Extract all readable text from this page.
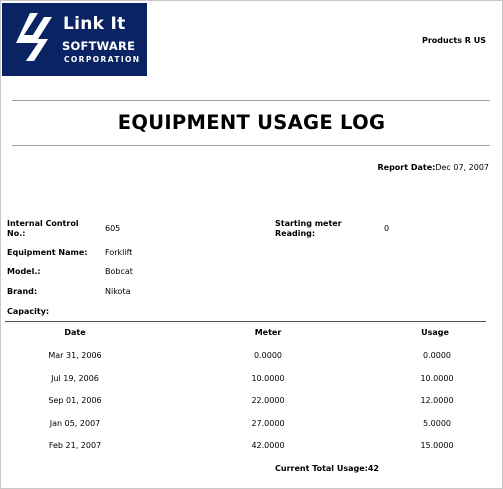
Link It
SOFTWARE
CORPORATION
Products R US
EQUIPMENT USAGE LOG
Report Date:Dec 07, 2007
Internal Control No.:
605
Starting meter Reading:
0
Equipment Name: Forklift
Model.:	Bobcat
Brand:	Nikota
Capacity:
Date	Meter	Usage
Mar 31, 2006	0.0000	0.0000
Jul 19, 2006	10.0000	10.0000
Sep 01, 2006	22.0000	12.0000
Jan 05, 2007	27.0000	5.0000
Feb 21, 2007	42.0000	15.0000
Current Total Usage:42
